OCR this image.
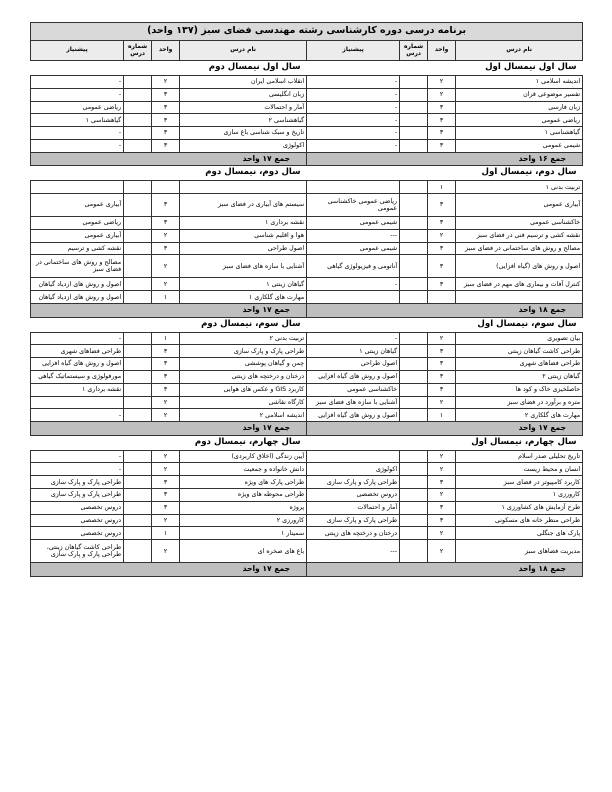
برنامه درسی دوره کارشناسی رشته مهندسی فضای سبز (۱۳۷ واحد)							
نام درس	واحد	شماره درس	پیشنیاز	نام درس	واحد	شماره درس	پیشنیاز
سال اول نیمسال اول				سال اول نیمسال دوم			
اندیشه اسلامی ۱	۲		-	انقلاب اسلامی ایران	۲		-
تفسیر موضوعی قران	۲		-	زبان انگلیسی	۳		-
زبان فارسی	۳		-	آمار و احتمالات	۳		ریاضی عمومی
ریاضی عمومی	۳		-	گیاهشناسی ۲	۳		گیاهشناسی ۱
گیاهشناسی ۱	۳		-	تاریخ و سبک شناسی باغ سازی	۳		-
شیمی عمومی	۳		-	اکولوژی	۳		-
جمع ۱۶ واحد				جمع ۱۷ واحد			
سال دوم، نیمسال اول				سال دوم، نیمسال دوم			
تربیت بدنی ۱	۱						
آبیاری عمومی	۳		ریاضی عمومی خاکشناسی عمومی	سیستم های آبیاری در فضای سبز	۳		آبیاری عمومی
خاکشناسی عمومی	۳		شیمی عمومی	نقشه برداری ۱	۳		ریاضی عمومی
نقشه کشی و ترسیم فنی در فضای سبز	۲		---	هوا و اقلیم شناسی	۲		آبیاری عمومی
مصالح و روش های ساختمانی در فضای سبز	۳		شیمی عمومی	اصول طراحی	۳		نقشه کشی و ترسیم
اصول و روش های (گیاه افزایی)	۳		آناتومی و فیزیولوژی گیاهی	آشنایی با سازه های فضای سبز	۲		مصالح و روش های ساختمانی در فضای سبز
کنترل آفات و بیماری های مهم در فضای سبز	۳		-	گیاهان زینتی ۱	۲		اصول و روش های ازدیاد گیاهان
				مهارت های گلکاری ۱	۱		اصول و روش های ازدیاد گیاهان
جمع ۱۸ واحد				جمع ۱۷ واحد			
سال سوم، نیمسال اول				سال سوم، نیمسال دوم			
بیان تصویری	۲		-	تربیت بدنی ۲	۱		-
طراحی کاشت گیاهان زینتی	۳		گیاهان زینتی ۱	طراحی پارک و پارک سازی	۳		طراحی فضاهای شهری
طراحی فضاهای شهری	۳		اصول طراحی	چمن و گیاهان پوششی	۳		اصول و روش های گیاه افزایی
گیاهان زینتی ۲	۳		اصول و روش های گیاه افزایی	درختان و درختچه های زینتی	۳		مورفولوژی و سیستماتیک گیاهی
حاصلخیزی خاک و کود ها	۳		خاکشناسی عمومی	کاربرد GIS و عکس های هوایی	۳		نقشه برداری ۱
متره و برآورد در فضای سبز	۲		آشنایی با سازه های فضای سبز	کارگاه نقاشی	۲		
مهارت های گلکاری ۲	۱		اصول و روش های گیاه افزایی	اندیشه اسلامی ۲	۲		-
جمع ۱۷ واحد				جمع ۱۷ واحد			
سال چهارم، نیمسال اول				سال چهارم، نیمسال دوم			
تاریخ تحلیلی صدر اسلام	۲			آیین زندگی (اخلاق کاربردی)	۲		-
انسان و محیط زیست	۲		اکولوژی	دانش خانواده و جمعیت	۲		-
کاربرد کامپیوتر در فضای سبز	۳		طراحی پارک و پارک سازی	طراحی پارک های ویژه	۳		طراحی پارک و پارک سازی
کارورزی ۱	۲		دروس تخصصی	طراحی محوطه های ویژه	۳		طراحی پارک و پارک سازی
طرح آزمایش های کشاورزی ۱	۳		آمار و احتمالات	پروژه	۳		دروس تخصصی
طراحی منظر خانه های مسکونی	۳		طراحی پارک و پارک سازی	کارورزی ۲	۲		دروس تخصصی
پارک های جنگلی	۲		درختان و درختچه های زینتی	سمینار ۱	۱		دروس تخصصی
مدیریت فضاهای سبز	۲		---	باغ های صخره ای	۲		طراحی کاشت گیاهان زینتی، طراحی پارک و پارک سازی
جمع ۱۸ واحد				جمع ۱۷ واحد			
